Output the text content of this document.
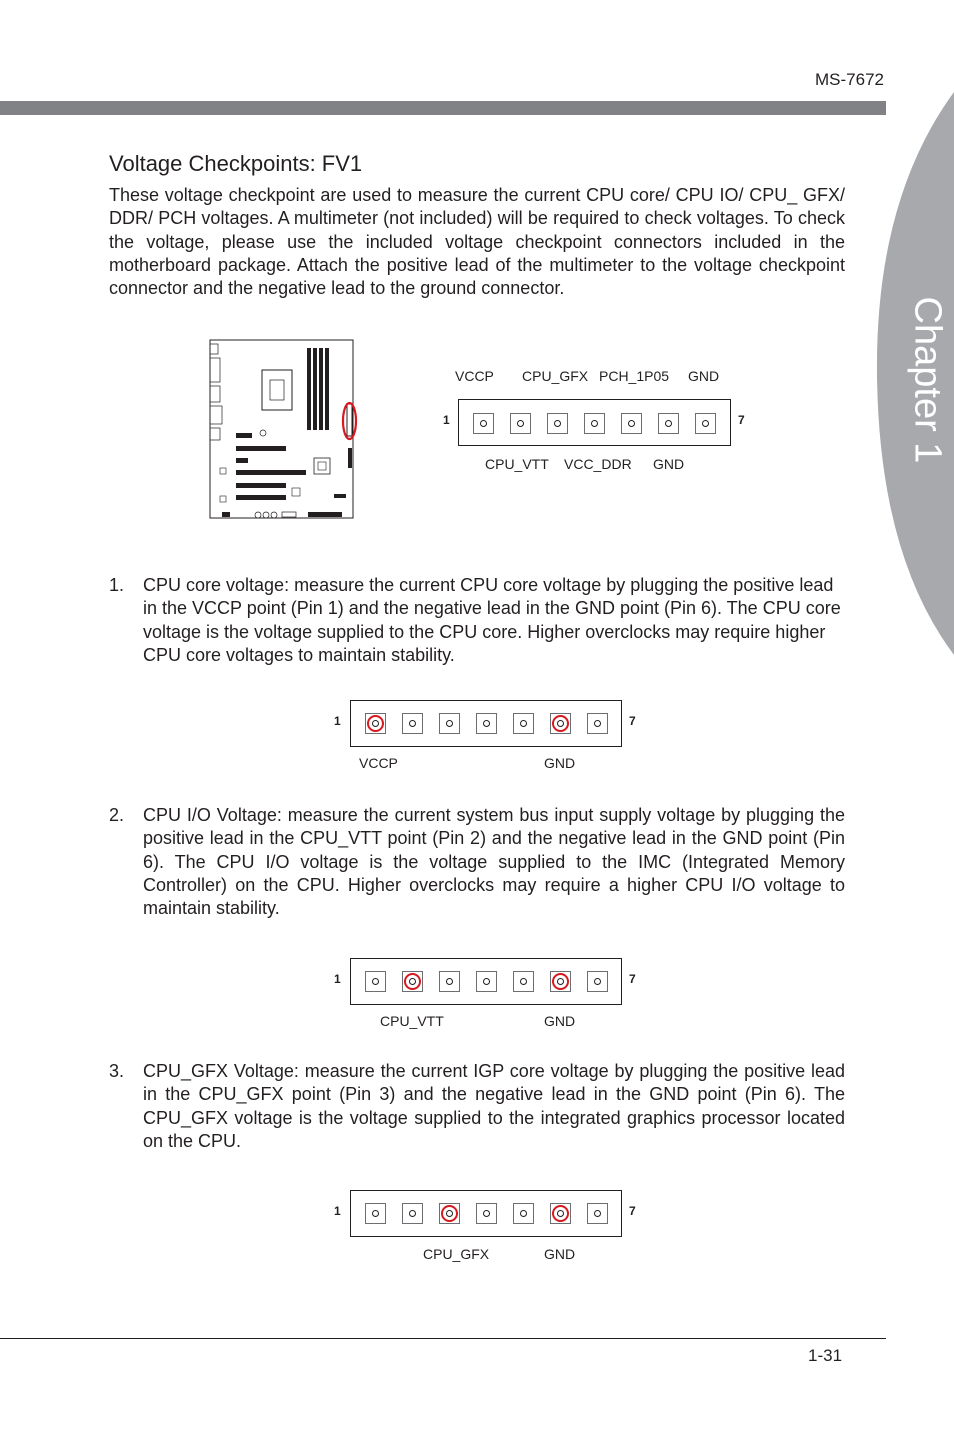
Chapter 1
MS-7672
Voltage Checkpoints: FV1

These voltage checkpoint are used to measure the current CPU core/ CPU IO/ CPU_ GFX/ DDR/ PCH voltages. A multimeter (not included) will be required to check voltages. To check the voltage, please use the included voltage checkpoint connectors included in the motherboard package. Attach the positive lead of the multimeter to the voltage checkpoint connector and the negative lead to the ground connector.

VCCP CPU_GFX PCH_1P05 GND
1	7
CPU_VTT VCC_DDR GND
1. CPU core voltage: measure the current CPU core voltage by plugging the positive lead in the VCCP point (Pin 1) and the negative lead in the GND point (Pin 6). The CPU core voltage is the voltage supplied to the CPU core. Higher overclocks may require higher CPU core voltages to maintain stability.

1	7
VCCP	GND
2. CPU I/O Voltage: measure the current system bus input supply voltage by plugging the positive lead in the CPU_VTT point (Pin 2) and the negative lead in the GND point (Pin 6). The CPU I/O voltage is the voltage supplied to the IMC (Integrated Memory Controller) on the CPU. Higher overclocks may require a higher CPU I/O voltage to maintain stability.

1	7
CPU_VTT	GND
3. CPU_GFX Voltage: measure the current IGP core voltage by plugging the positive lead in the CPU_GFX point (Pin 3) and the negative lead in the GND point (Pin 6). The CPU_GFX voltage is the voltage supplied to the integrated graphics processor located on the CPU.

1	7
CPU_GFX	GND
1-31
